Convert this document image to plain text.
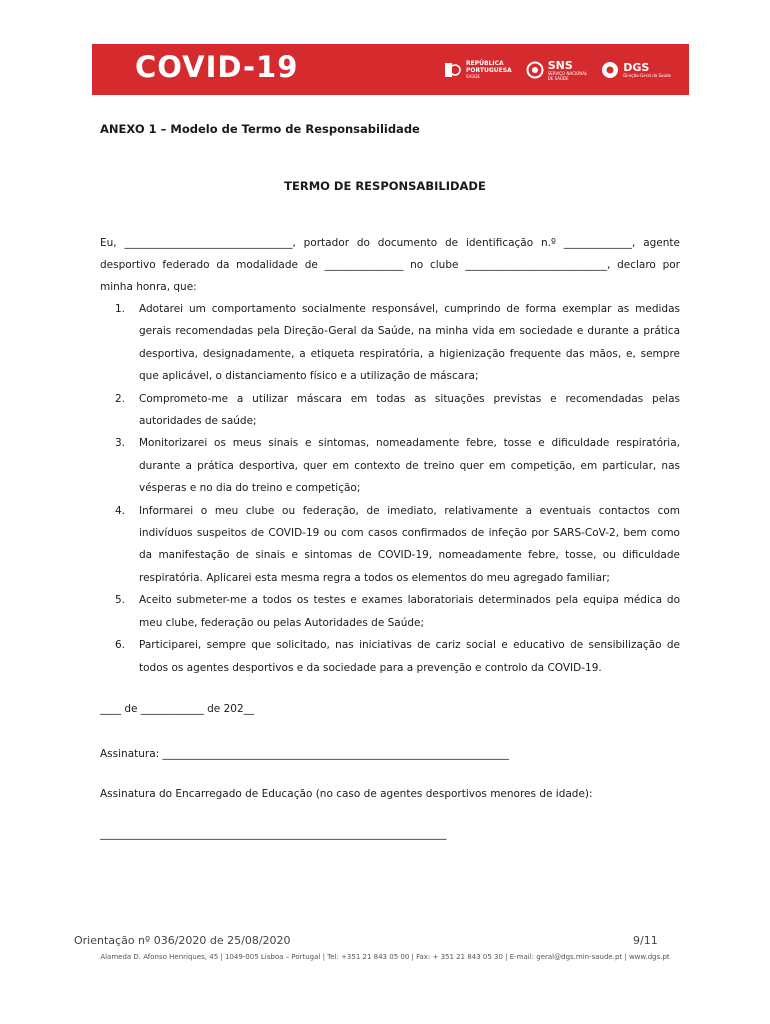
COVID-19	REPÚBLICA
PORTUGUESA
SAÚDE
SNS
SERVIÇO NACIONAL
DE SAÚDE
DGS
Direção-Geral da Saúde
ANEXO 1 – Modelo de Termo de Responsabilidade
TERMO DE RESPONSABILIDADE
Eu, ________________________________, portador do documento de identificação n.º _____________, agente desportivo federado da modalidade de _______________ no clube ___________________________, declaro por minha honra, que:
1. Adotarei um comportamento socialmente responsável, cumprindo de forma exemplar as medidas gerais recomendadas pela Direção-Geral da Saúde, na minha vida em sociedade e durante a prática desportiva, designadamente, a etiqueta respiratória, a higienização frequente das mãos, e, sempre que aplicável, o distanciamento físico e a utilização de máscara;
2. Comprometo-me a utilizar máscara em todas as situações previstas e recomendadas pelas autoridades de saúde;
3. Monitorizarei os meus sinais e sintomas, nomeadamente febre, tosse e dificuldade respiratória, durante a prática desportiva, quer em contexto de treino quer em competição, em particular, nas vésperas e no dia do treino e competição;
4. Informarei o meu clube ou federação, de imediato, relativamente a eventuais contactos com indivíduos suspeitos de COVID-19 ou com casos confirmados de infeção por SARS-CoV-2, bem como da manifestação de sinais e sintomas de COVID-19, nomeadamente febre, tosse, ou dificuldade respiratória. Aplicarei esta mesma regra a todos os elementos do meu agregado familiar;
5. Aceito submeter-me a todos os testes e exames laboratoriais determinados pela equipa médica do meu clube, federação ou pelas Autoridades de Saúde;
6. Participarei, sempre que solicitado, nas iniciativas de cariz social e educativo de sensibilização de todos os agentes desportivos e da sociedade para a prevenção e controlo da COVID-19.
____ de ____________ de 202__
Assinatura: __________________________________________________________________
Assinatura do Encarregado de Educação (no caso de agentes desportivos menores de idade):
__________________________________________________________________
Orientação nº 036/2020 de 25/08/2020	9/11
Alameda D. Afonso Henriques, 45 | 1049-005 Lisboa – Portugal | Tel: +351 21 843 05 00 | Fax: + 351 21 843 05 30 | E-mail: geral@dgs.min-saude.pt | www.dgs.pt
